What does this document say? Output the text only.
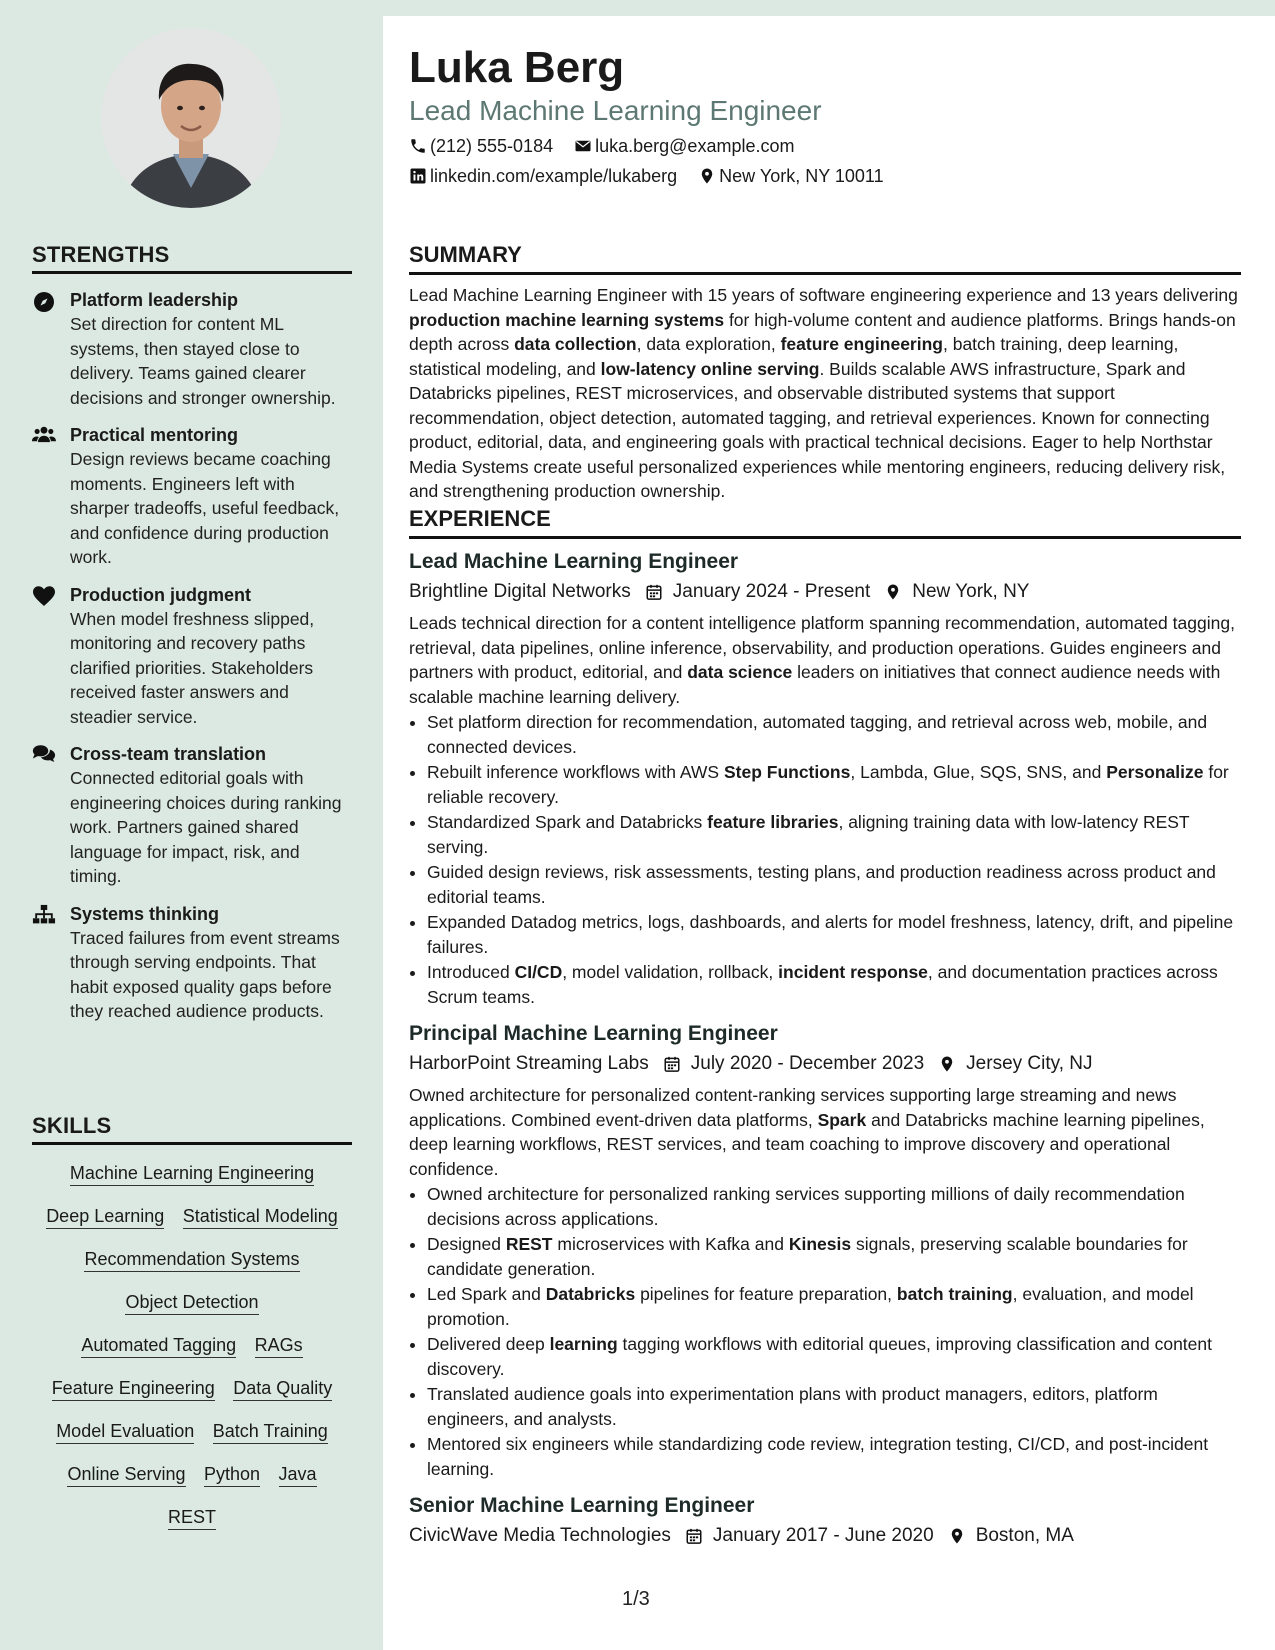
STRENGTHS
Platform leadership
Set direction for content ML systems, then stayed close to delivery. Teams gained clearer decisions and stronger ownership.
Practical mentoring
Design reviews became coaching moments. Engineers left with sharper tradeoffs, useful feedback, and confidence during production work.
Production judgment
When model freshness slipped, monitoring and recovery paths clarified priorities. Stakeholders received faster answers and steadier service.
Cross-team translation
Connected editorial goals with engineering choices during ranking work. Partners gained shared language for impact, risk, and timing.
Systems thinking
Traced failures from event streams through serving endpoints. That habit exposed quality gaps before they reached audience products.
SKILLS
Machine Learning Engineering Deep Learning Statistical Modeling Recommendation Systems Object Detection Automated Tagging RAGs Feature Engineering Data Quality Model Evaluation Batch Training Online Serving Python Java REST
Luka Berg
Lead Machine Learning Engineer
(212) 555-0184
luka.berg@example.com
linkedin.com/example/lukaberg
New York, NY 10011
SUMMARY

Lead Machine Learning Engineer with 15 years of software engineering experience and 13 years delivering production machine learning systems for high-volume content and audience platforms. Brings hands-on depth across data collection, data exploration, feature engineering, batch training, deep learning, statistical modeling, and low-latency online serving. Builds scalable AWS infrastructure, Spark and Databricks pipelines, REST microservices, and observable distributed systems that support recommendation, object detection, automated tagging, and retrieval experiences. Known for connecting product, editorial, data, and engineering goals with practical technical decisions. Eager to help Northstar Media Systems create useful personalized experiences while mentoring engineers, reducing delivery risk, and strengthening production ownership.

EXPERIENCE
Lead Machine Learning Engineer
Brightline Digital Networks January 2024 - Present New York, NY

Leads technical direction for a content intelligence platform spanning recommendation, automated tagging, retrieval, data pipelines, online inference, observability, and production operations. Guides engineers and partners with product, editorial, and data science leaders on initiatives that connect audience needs with scalable machine learning delivery.

• Set platform direction for recommendation, automated tagging, and retrieval across web, mobile, and connected devices.
• Rebuilt inference workflows with AWS Step Functions, Lambda, Glue, SQS, SNS, and Personalize for reliable recovery.
• Standardized Spark and Databricks feature libraries, aligning training data with low-latency REST serving.
• Guided design reviews, risk assessments, testing plans, and production readiness across product and editorial teams.
• Expanded Datadog metrics, logs, dashboards, and alerts for model freshness, latency, drift, and pipeline failures.
• Introduced CI/CD, model validation, rollback, incident response, and documentation practices across Scrum teams.
Principal Machine Learning Engineer
HarborPoint Streaming Labs July 2020 - December 2023 Jersey City, NJ

Owned architecture for personalized content-ranking services supporting large streaming and news applications. Combined event-driven data platforms, Spark and Databricks machine learning pipelines, deep learning workflows, REST services, and team coaching to improve discovery and operational confidence.

• Owned architecture for personalized ranking services supporting millions of daily recommendation decisions across applications.
• Designed REST microservices with Kafka and Kinesis signals, preserving scalable boundaries for candidate generation.
• Led Spark and Databricks pipelines for feature preparation, batch training, evaluation, and model promotion.
• Delivered deep learning tagging workflows with editorial queues, improving classification and content discovery.
• Translated audience goals into experimentation plans with product managers, editors, platform engineers, and analysts.
• Mentored six engineers while standardizing code review, integration testing, CI/CD, and post-incident learning.
Senior Machine Learning Engineer
CivicWave Media Technologies January 2017 - June 2020 Boston, MA
1/3
